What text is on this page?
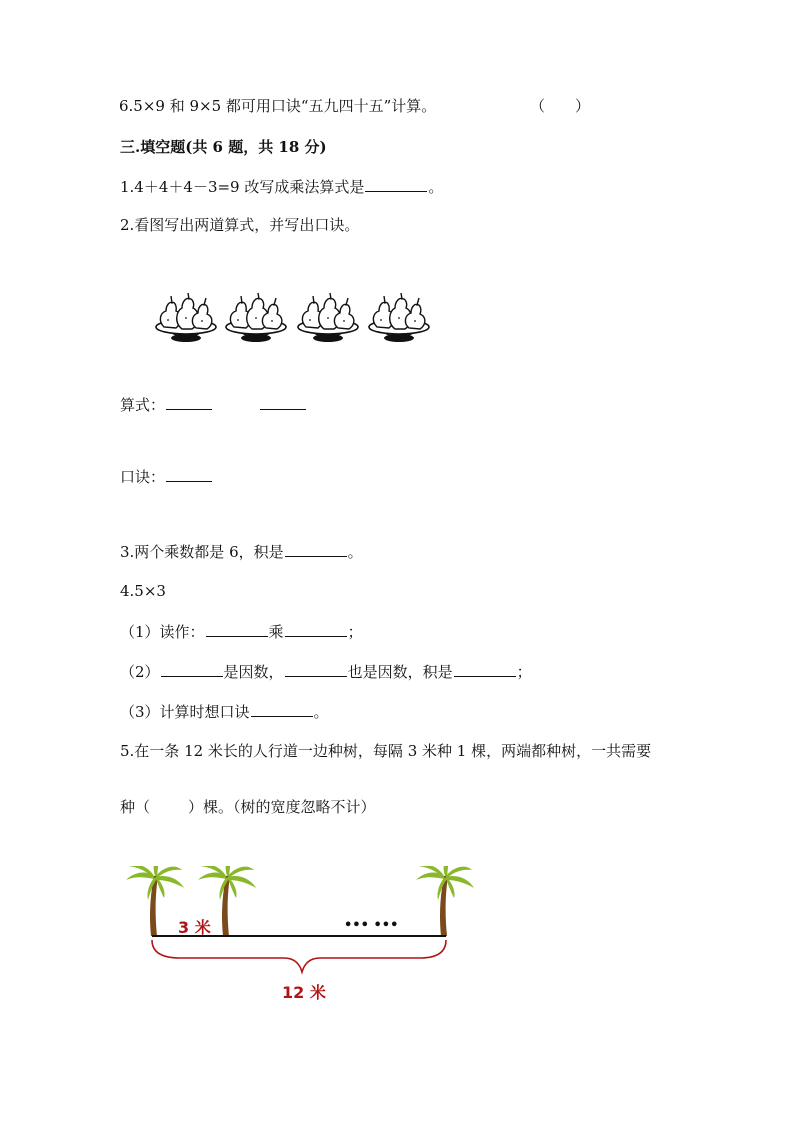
6.5×9 和 9×5 都可用口诀“五九四十五”计算。	（　　）
三.填空题(共 6 题，共 18 分)
1.4＋4＋4－3=9 改写成乘法算式是	。
2.看图写出两道算式，并写出口诀。
算式：
口诀：
3.两个乘数都是 6，积是	。
4.5×3
（1）读作：	乘	；
（2）	是因数，	也是因数，积是	；
（3）计算时想口诀	。
5.在一条 12 米长的人行道一边种树，每隔 3 米种 1 棵，两端都种树，一共需要
种（	）棵。（树的宽度忽略不计）
3 米	••• •••
12 米
